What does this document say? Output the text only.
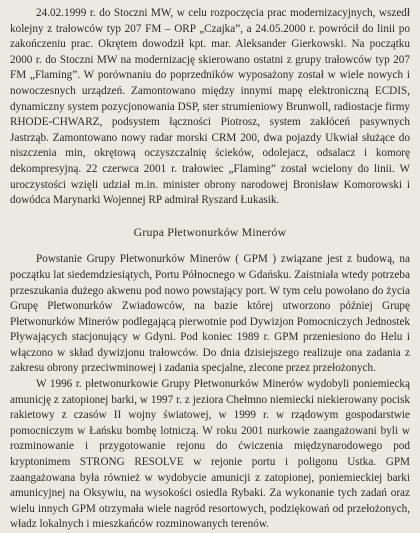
24.02.1999 r. do Stoczni MW, w celu rozpoczęcia prac modernizacyjnych, wszedł kolejny z trałowców typ 207 FM – ORP „Czajka”, a 24.05.2000 r. powrócił do linii po zakończeniu prac. Okrętem dowodził kpt. mar. Aleksander Gierkowski. Na początku 2000 r. do Stoczni MW na modernizację skierowano ostatni z grupy trałowców typ 207 FM „Flaming”. W porównaniu do poprzedników wyposażony został w wiele nowych i nowoczesnych urządzeń. Zamontowano między innymi mapę elektroniczną ECDIS, dynamiczny system pozycjonowania DSP, ster strumieniowy Brunwoll, radiostacje firmy RHODE-CHWARZ, podsystem łączności Piotrosz, system zakłóceń pasywnych Jastrząb. Zamontowano nowy radar morski CRM 200, dwa pojazdy Ukwiał służące do niszczenia min, okrętową oczyszczalnię ścieków, odolejacz, odsalacz i komorę dekompresyjną. 22 czerwca 2001 r. trałowiec „Flaming” został wcielony do linii. W uroczystości wzięli udział m.in. minister obrony narodowej Bronisław Komorowski i dowódca Marynarki Wojennej RP admirał Ryszard Łukasik.

Grupa Płetwonurków Minerów

Powstanie Grupy Płetwonurków Minerów ( GPM ) związane jest z budową, na początku lat siedemdziesiątych, Portu Północnego w Gdańsku. Zaistniała wtedy potrzeba przeszukania dużego akwenu pod nowo powstający port. W tym celu powołano do życia Grupę Płetwonurków Zwiadowców, na bazie której utworzono później Grupę Płetwonurków Minerów podlegającą pierwotnie pod Dywizjon Pomocniczych Jednostek Pływających stacjonujący w Gdyni. Pod koniec 1989 r. GPM przeniesiono do Helu i włączono w skład dywizjonu trałowców. Do dnia dzisiejszego realizuje ona zadania z zakresu obrony przeciwminowej i zadania specjalne, zlecone przez przełożonych.

W 1996 r. płetwonurkowie Grupy Płetwonurków Minerów wydobyli poniemiecką amunicję z zatopionej barki, w 1997 r. z jeziora Chełmno niemiecki niekierowany pocisk rakietowy z czasów II wojny światowej, w 1999 r. w rządowym gospodarstwie pomocniczym w Łańsku bombę lotniczą. W roku 2001 nurkowie zaangażowani byli w rozminowanie i przygotowanie rejonu do ćwiczenia międzynarodowego pod kryptonimem STRONG RESOLVE w rejonie portu i poligonu Ustka. GPM zaangażowana była również w wydobycie amunicji z zatopionej, poniemieckiej barki amunicyjnej na Oksywiu, na wysokości osiedla Rybaki. Za wykonanie tych zadań oraz wielu innych GPM otrzymała wiele nagród resortowych, podziękowań od przełożonych, władz lokalnych i mieszkańców rozminowanych terenów.
